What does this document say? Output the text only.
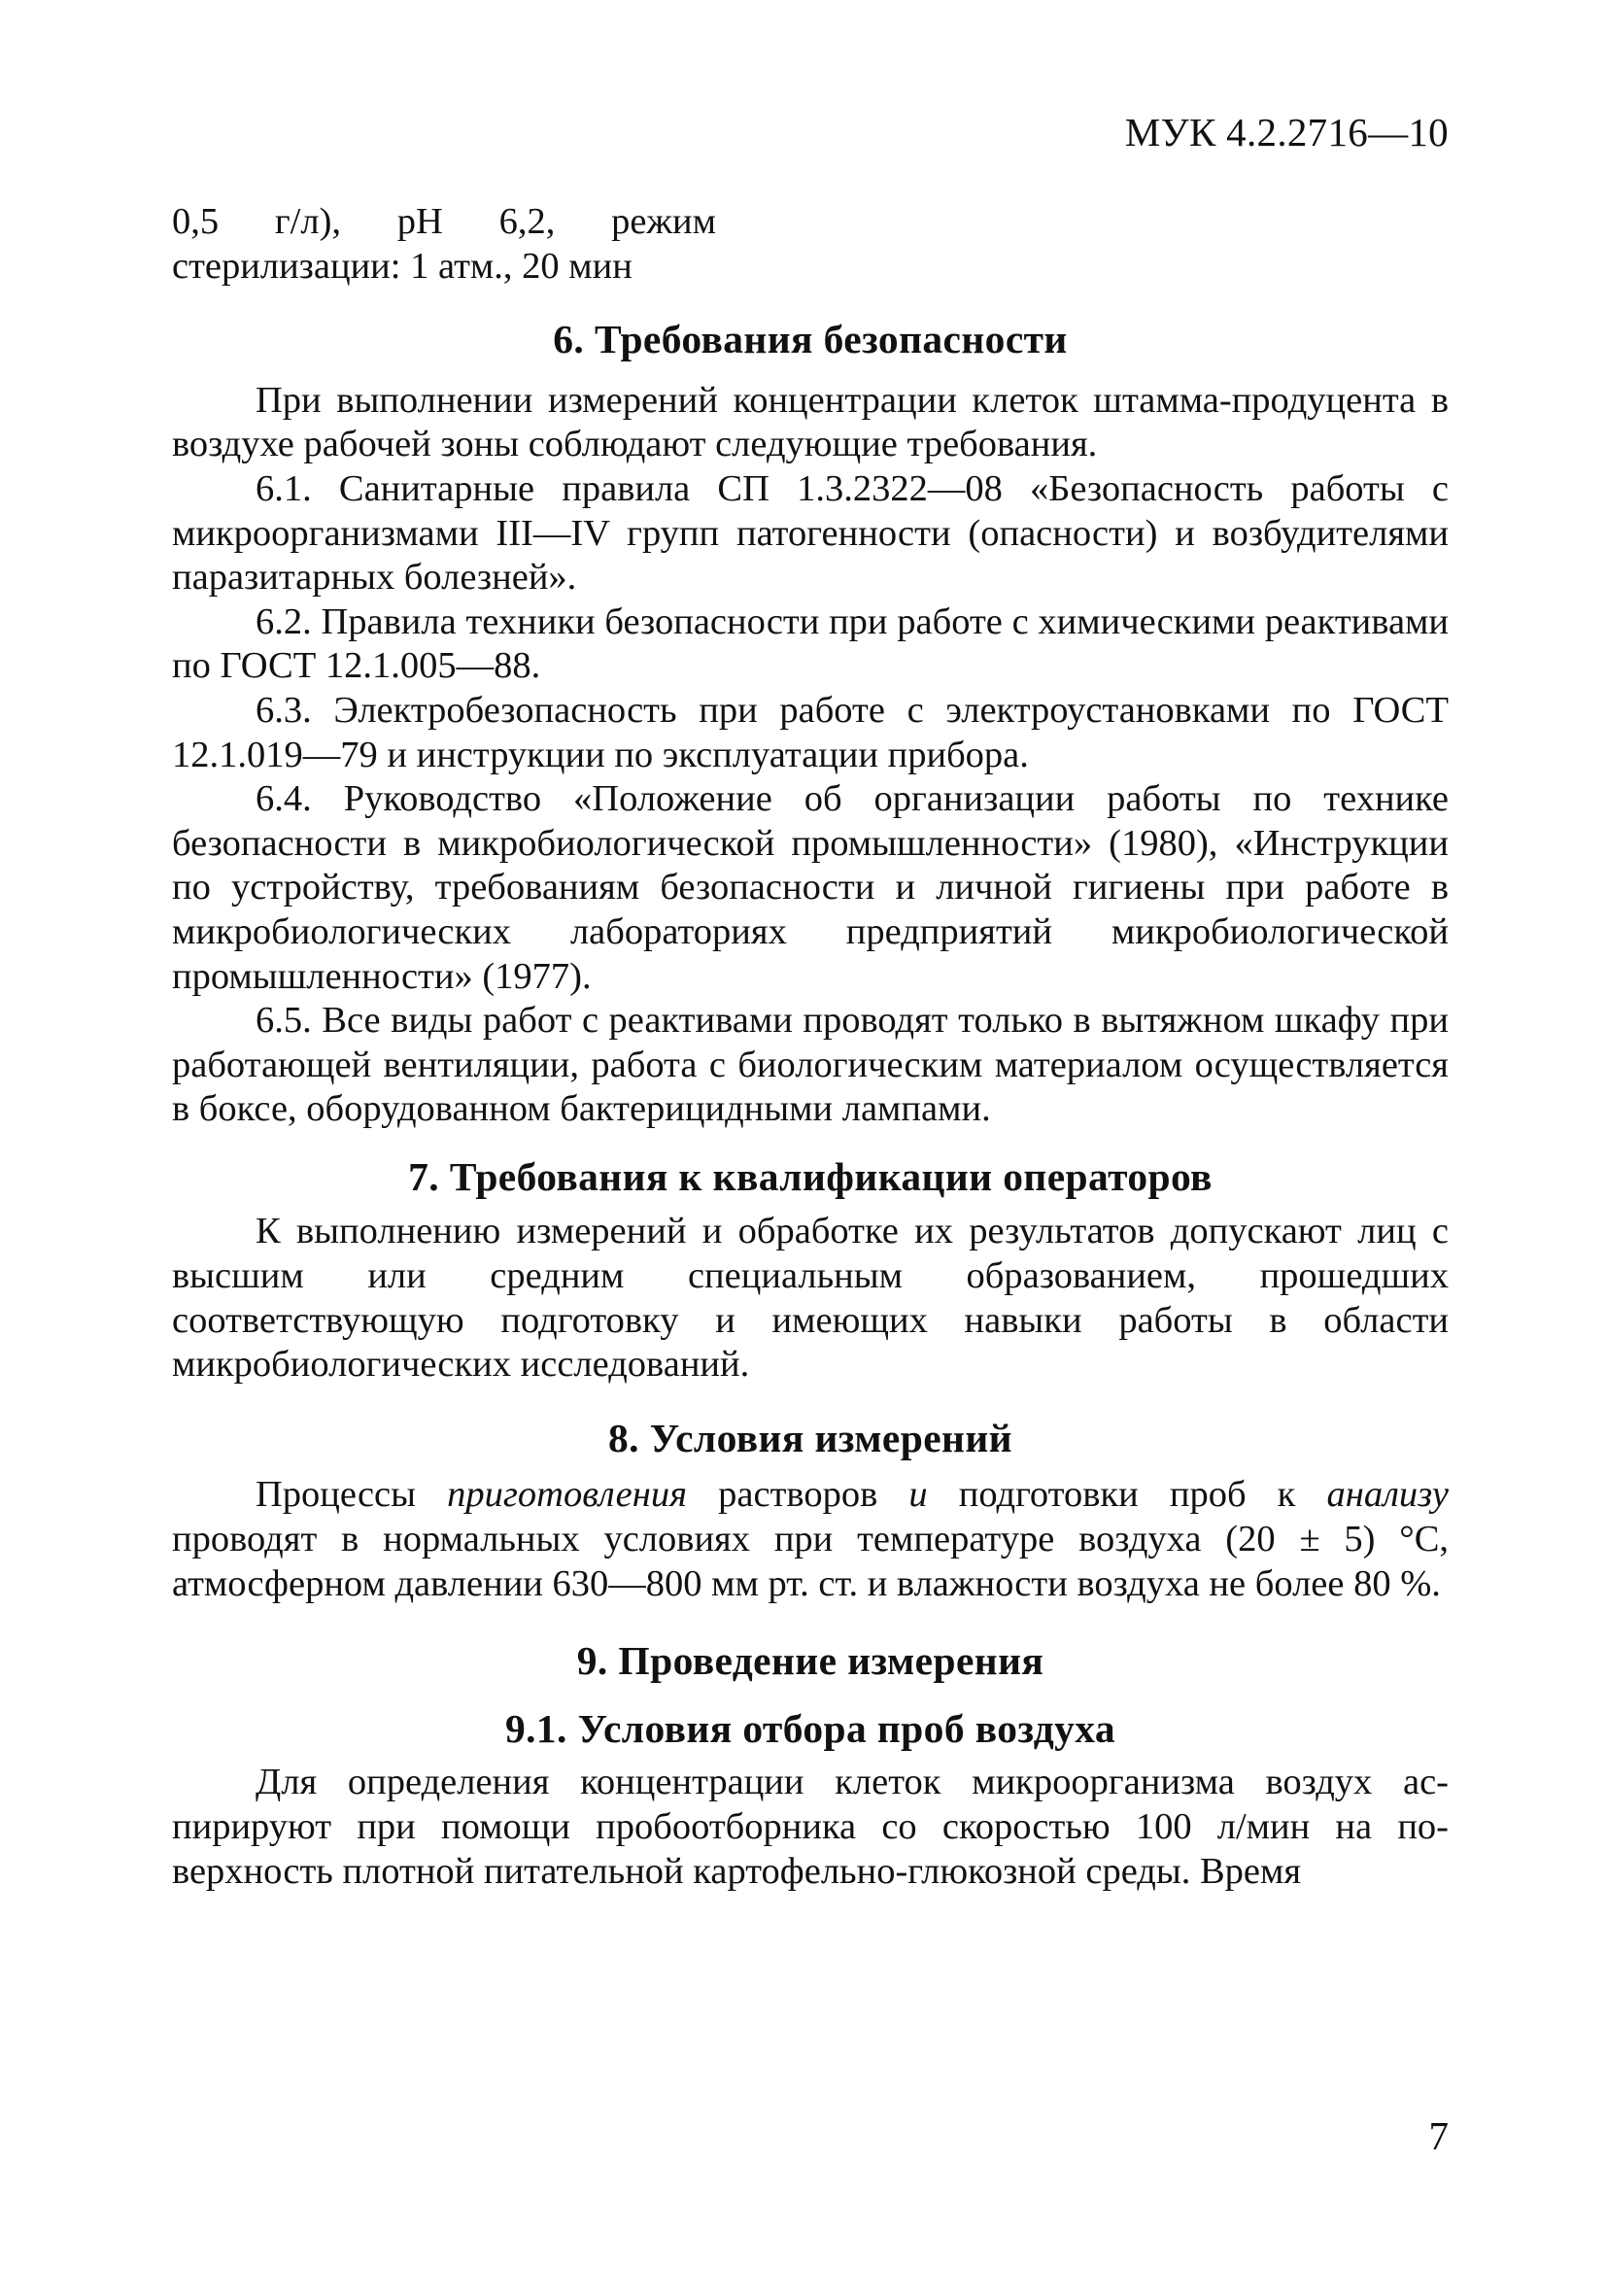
МУК 4.2.2716—10

0,5 г/л), pH 6,2, режим стерилизации: 1 атм., 20 мин

6. Требования безопасности

При выполнении измерений концентрации клеток штамма-продуцента в воздухе рабочей зоны соблюдают следующие требования.

6.1. Санитарные правила СП 1.3.2322—08 «Безопасность работы с микроорганизмами III—IV групп патогенности (опасности) и возбудителями паразитарных болезней».

6.2. Правила техники безопасности при работе с химическими реактивами по ГОСТ 12.1.005—88.

6.3. Электробезопасность при работе с электроустановками по ГОСТ 12.1.019—79 и инструкции по эксплуатации прибора.

6.4. Руководство «Положение об организации работы по технике безопасности в микробиологической промышленности» (1980), «Инструкции по устройству, требованиям безопасности и личной гигиены при работе в микробиологических лабораториях предприятий микробиологической промышленности» (1977).

6.5. Все виды работ с реактивами проводят только в вытяжном шкафу при работающей вентиляции, работа с биологическим материалом осуществляется в боксе, оборудованном бактерицидными лампами.

7. Требования к квалификации операторов

К выполнению измерений и обработке их результатов допускают лиц с высшим или средним специальным образованием, прошедших соответствующую подготовку и имеющих навыки работы в области микробиологических исследований.

8. Условия измерений

Процессы приготовления растворов и подготовки проб к анализу проводят в нормальных условиях при температуре воздуха (20 ± 5) °С, атмосферном давлении 630—800 мм рт. ст. и влажности воздуха не более 80 %.

9. Проведение измерения
9.1. Условия отбора проб воздуха

Для определения концентрации клеток микроорганизма воздух аспирируют при помощи пробоотборника со скоростью 100 л/мин на поверхность плотной питательной картофельно-глюкозной среды. Время

7
